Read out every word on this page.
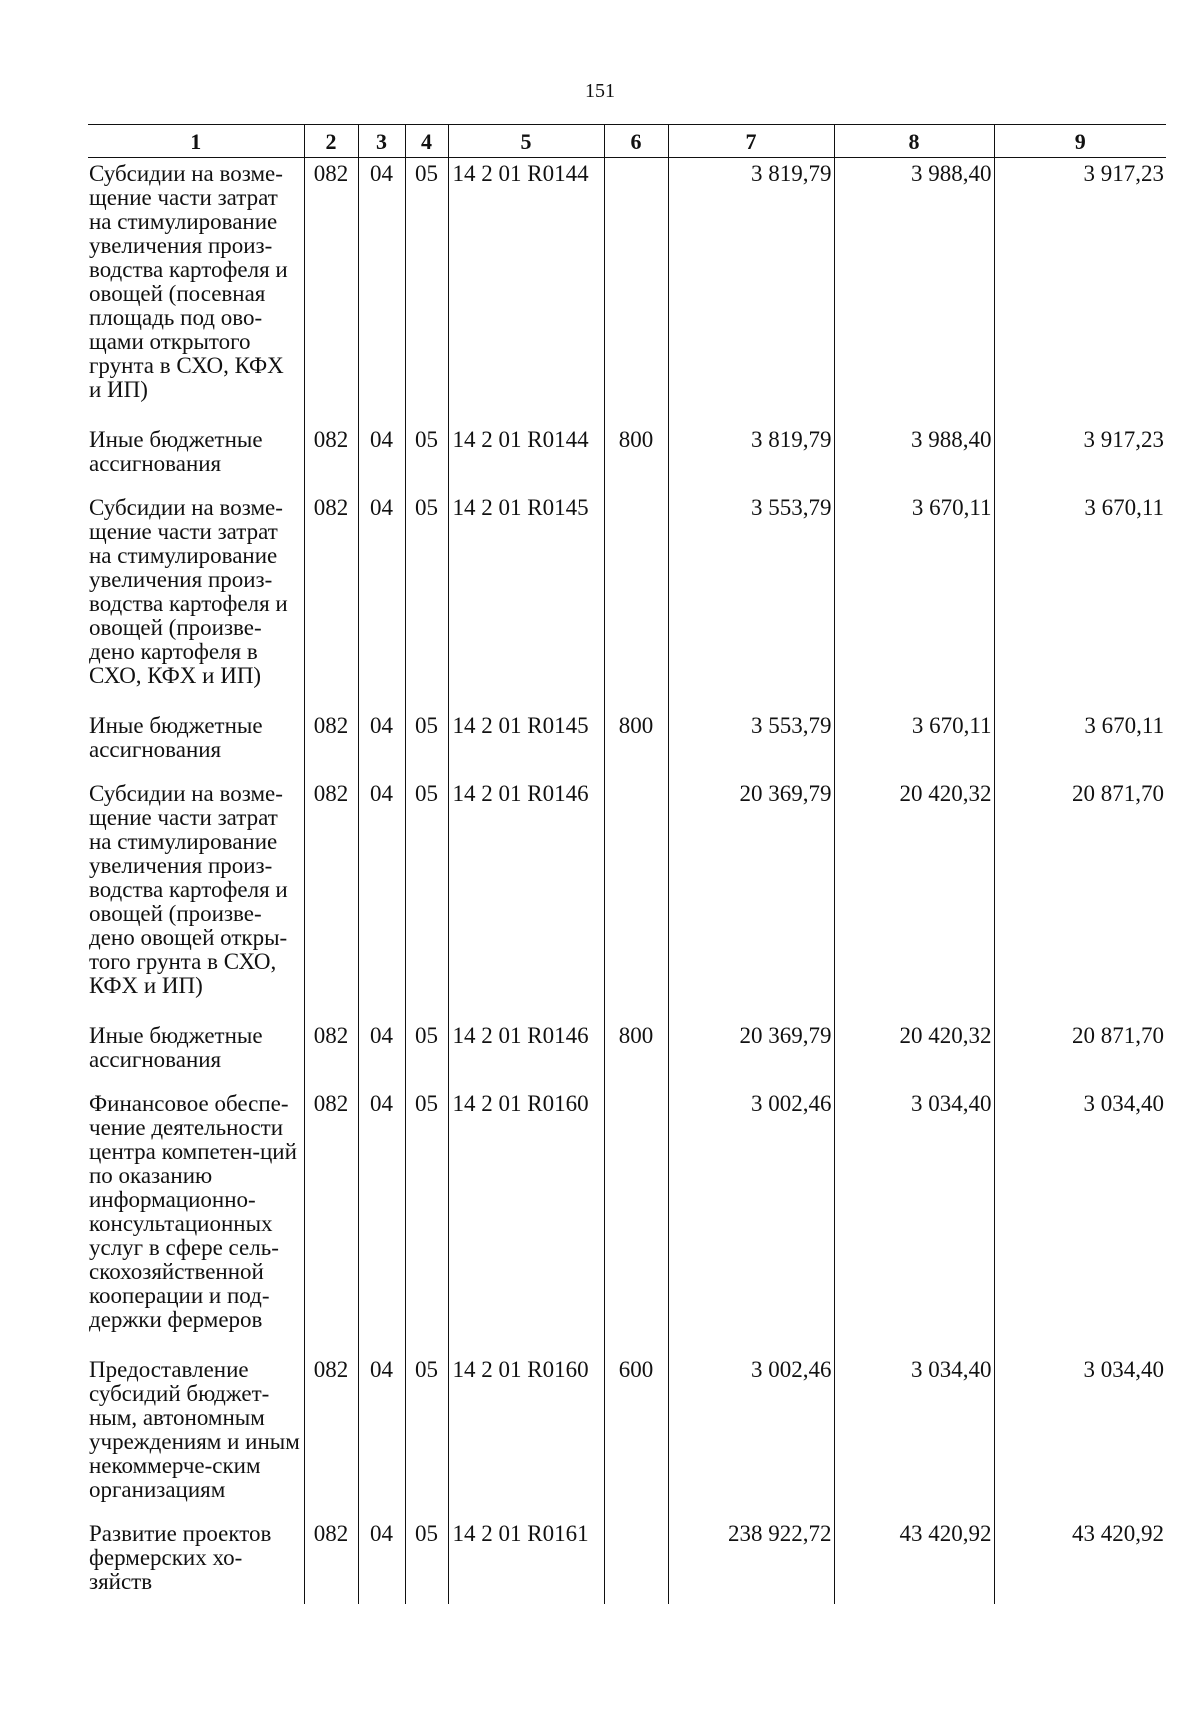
151
1	2	3	4	5	6	7	8	9
Субсидии на возме-щение части затрат на стимулирование увеличения произ-водства картофеля и овощей (посевная площадь под ово-щами открытого грунта в СХО, КФХ и ИП)	082	04	05	14 2 01 R0144		3 819,79	3 988,40	3 917,23
Иные бюджетные ассигнования	082	04	05	14 2 01 R0144	800	3 819,79	3 988,40	3 917,23
Субсидии на возме-щение части затрат на стимулирование увеличения произ-водства картофеля и овощей (произве-дено картофеля в СХО, КФХ и ИП)	082	04	05	14 2 01 R0145		3 553,79	3 670,11	3 670,11
Иные бюджетные ассигнования	082	04	05	14 2 01 R0145	800	3 553,79	3 670,11	3 670,11
Субсидии на возме-щение части затрат на стимулирование увеличения произ-водства картофеля и овощей (произве-дено овощей откры-того грунта в СХО, КФХ и ИП)	082	04	05	14 2 01 R0146		20 369,79	20 420,32	20 871,70
Иные бюджетные ассигнования	082	04	05	14 2 01 R0146	800	20 369,79	20 420,32	20 871,70
Финансовое обеспе-чение деятельности центра компетен-ций по оказанию информационно-консультационных услуг в сфере сель-скохозяйственной кооперации и под-держки фермеров	082	04	05	14 2 01 R0160		3 002,46	3 034,40	3 034,40
Предоставление субсидий бюджет-ным, автономным учреждениям и иным некоммерче-ским организациям	082	04	05	14 2 01 R0160	600	3 002,46	3 034,40	3 034,40
Развитие проектов фермерских хо-зяйств	082	04	05	14 2 01 R0161		238 922,72	43 420,92	43 420,92
